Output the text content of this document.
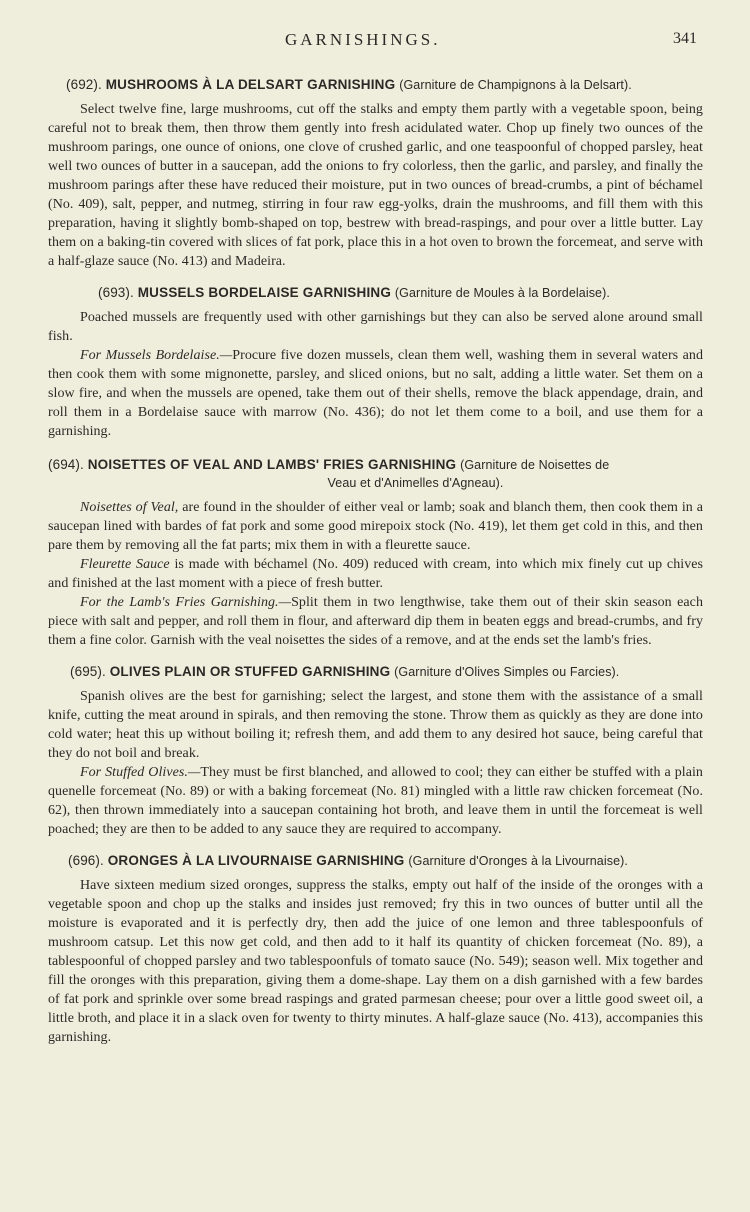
GARNISHINGS.	341
(692). MUSHROOMS À LA DELSART GARNISHING (Garniture de Champignons à la Delsart).

Select twelve fine, large mushrooms, cut off the stalks and empty them partly with a vegetable spoon, being careful not to break them, then throw them gently into fresh acidulated water. Chop up finely two ounces of the mushroom parings, one ounce of onions, one clove of crushed garlic, and one teaspoonful of chopped parsley, heat well two ounces of butter in a saucepan, add the onions to fry colorless, then the garlic, and parsley, and finally the mushroom parings after these have reduced their moisture, put in two ounces of bread-crumbs, a pint of béchamel (No. 409), salt, pepper, and nutmeg, stirring in four raw egg-yolks, drain the mushrooms, and fill them with this preparation, having it slightly bomb-shaped on top, bestrew with bread-raspings, and pour over a little butter. Lay them on a baking-tin covered with slices of fat pork, place this in a hot oven to brown the forcemeat, and serve with a half-glaze sauce (No. 413) and Madeira.

(693). MUSSELS BORDELAISE GARNISHING (Garniture de Moules à la Bordelaise).

Poached mussels are frequently used with other garnishings but they can also be served alone around small fish.

For Mussels Bordelaise.—Procure five dozen mussels, clean them well, washing them in several waters and then cook them with some mignonette, parsley, and sliced onions, but no salt, adding a little water. Set them on a slow fire, and when the mussels are opened, take them out of their shells, remove the black appendage, drain, and roll them in a Bordelaise sauce with marrow (No. 436); do not let them come to a boil, and use them for a garnishing.

(694). NOISETTES OF VEAL AND LAMBS' FRIES GARNISHING (Garniture de Noisettes de
Veau et d'Animelles d'Agneau).

Noisettes of Veal, are found in the shoulder of either veal or lamb; soak and blanch them, then cook them in a saucepan lined with bardes of fat pork and some good mirepoix stock (No. 419), let them get cold in this, and then pare them by removing all the fat parts; mix them in with a fleurette sauce.

Fleurette Sauce is made with béchamel (No. 409) reduced with cream, into which mix finely cut up chives and finished at the last moment with a piece of fresh butter.

For the Lamb's Fries Garnishing.—Split them in two lengthwise, take them out of their skin season each piece with salt and pepper, and roll them in flour, and afterward dip them in beaten eggs and bread-crumbs, and fry them a fine color. Garnish with the veal noisettes the sides of a remove, and at the ends set the lamb's fries.

(695). OLIVES PLAIN OR STUFFED GARNISHING (Garniture d'Olives Simples ou Farcies).

Spanish olives are the best for garnishing; select the largest, and stone them with the assistance of a small knife, cutting the meat around in spirals, and then removing the stone. Throw them as quickly as they are done into cold water; heat this up without boiling it; refresh them, and add them to any desired hot sauce, being careful that they do not boil and break.

For Stuffed Olives.—They must be first blanched, and allowed to cool; they can either be stuffed with a plain quenelle forcemeat (No. 89) or with a baking forcemeat (No. 81) mingled with a little raw chicken forcemeat (No. 62), then thrown immediately into a saucepan containing hot broth, and leave them in until the forcemeat is well poached; they are then to be added to any sauce they are required to accompany.

(696). ORONGES À LA LIVOURNAISE GARNISHING (Garniture d'Oronges à la Livournaise).

Have sixteen medium sized oronges, suppress the stalks, empty out half of the inside of the oronges with a vegetable spoon and chop up the stalks and insides just removed; fry this in two ounces of butter until all the moisture is evaporated and it is perfectly dry, then add the juice of one lemon and three tablespoonfuls of mushroom catsup. Let this now get cold, and then add to it half its quantity of chicken forcemeat (No. 89), a tablespoonful of chopped parsley and two tablespoonfuls of tomato sauce (No. 549); season well. Mix together and fill the oronges with this preparation, giving them a dome-shape. Lay them on a dish garnished with a few bardes of fat pork and sprinkle over some bread raspings and grated parmesan cheese; pour over a little good sweet oil, a little broth, and place it in a slack oven for twenty to thirty minutes. A half-glaze sauce (No. 413), accompanies this garnishing.
